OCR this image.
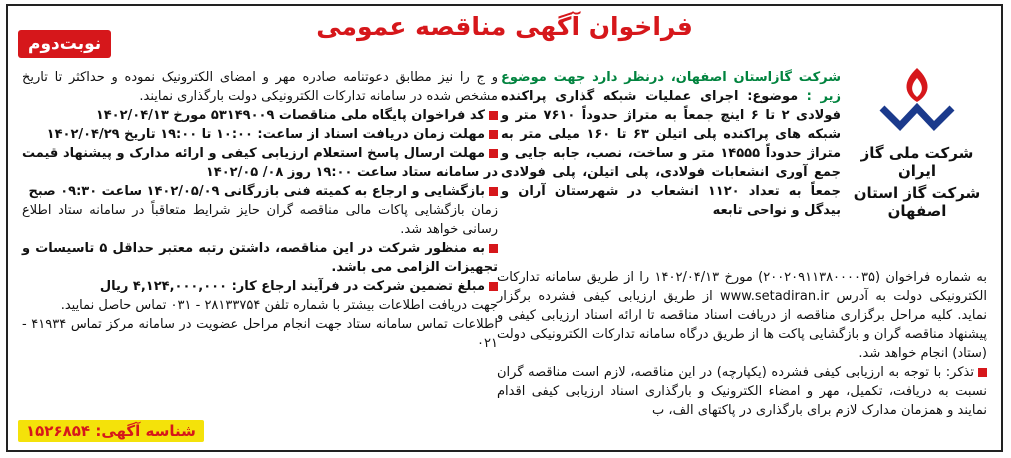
فراخوان آگهی مناقصه عمومی
نوبت‌دوم
شرکت ملی گاز ایران
شرکت گاز استان اصفهان
شرکت گازاستان اصفهان، درنظر دارد جهت موضوع زیر : موضوع: اجرای عملیات شبکه گذاری پراکنده فولادی ۲ تا ۶ اینچ جمعاً به متراژ حدوداً ۷۶۱۰ متر و شبکه های پراکنده پلی اتیلن ۶۳ تا ۱۶۰ میلی متر به متراژ حدوداً ۱۴۵۵۵ متر و ساخت، نصب، جابه جایی و جمع آوری انشعابات فولادی، پلی اتیلن، پلی فولادی جمعاً به تعداد ۱۱۲۰ انشعاب در شهرستان آران و بیدگل و نواحی تابعه
و ج را نیز مطابق دعوتنامه صادره مهر و امضای الکترونیک نموده و حداکثر تا تاریخ مشخص شده در سامانه تدارکات الکترونیکی دولت بارگذاری نمایند.
کد فراخوان پایگاه ملی مناقصات ۵۳۱۴۹۰۰۹ مورخ ۱۴۰۲/۰۴/۱۳
مهلت زمان دریافت اسناد از ساعت: ۱۰:۰۰ تا ۱۹:۰۰ تاریخ ۱۴۰۲/۰۴/۲۹
مهلت ارسال پاسخ استعلام ارزیابی کیفی و ارائه مدارک و پیشنهاد قیمت در سامانه ستاد ساعت ۱۹:۰۰ روز ۰۸/ ۱۴۰۲/۰۵
بازگشایی و ارجاع به کمیته فنی بازرگانی ۱۴۰۲/۰۵/۰۹ ساعت ۰۹:۳۰ صبح
زمان بازگشایی پاکات مالی مناقصه گران حایز شرایط متعاقباً در سامانه ستاد اطلاع رسانی خواهد شد.
به منظور شرکت در این مناقصه، داشتن رتبه معتبر حداقل ۵ تاسیسات و تجهیزات الزامی می باشد.
مبلغ تضمین شرکت در فرآیند ارجاع کار: ۴,۱۲۴,۰۰۰,۰۰۰ ریال
جهت دریافت اطلاعات بیشتر با شماره تلفن ۲۸۱۳۳۷۵۴ - ۰۳۱ تماس حاصل نمایید.
اطلاعات تماس سامانه ستاد جهت انجام مراحل عضویت در سامانه مرکز تماس ۴۱۹۳۴ - ۰۲۱
به شماره فراخوان (۲۰۰۲۰۹۱۱۳۸۰۰۰۰۳۵) مورخ ۱۴۰۲/۰۴/۱۳ را از طریق سامانه تدارکات الکترونیکی دولت به آدرس www.setadiran.ir از طریق ارزیابی کیفی فشرده برگزار نماید. کلیه مراحل برگزاری مناقصه از دریافت اسناد مناقصه تا ارائه اسناد ارزیابی کیفی و پیشنهاد مناقصه گران و بازگشایی پاکت ها از طریق درگاه سامانه تدارکات الکترونیکی دولت (ستاد) انجام خواهد شد.
تذکر: با توجه به ارزیابی کیفی فشرده (یکپارچه) در این مناقصه، لازم است مناقصه گران نسبت به دریافت، تکمیل، مهر و امضاء الکترونیک و بارگذاری اسناد ارزیابی کیفی اقدام نمایند و همزمان مدارک لازم برای بارگذاری در پاکتهای الف، ب
شناسه آگهی: ۱۵۲۶۸۵۴
